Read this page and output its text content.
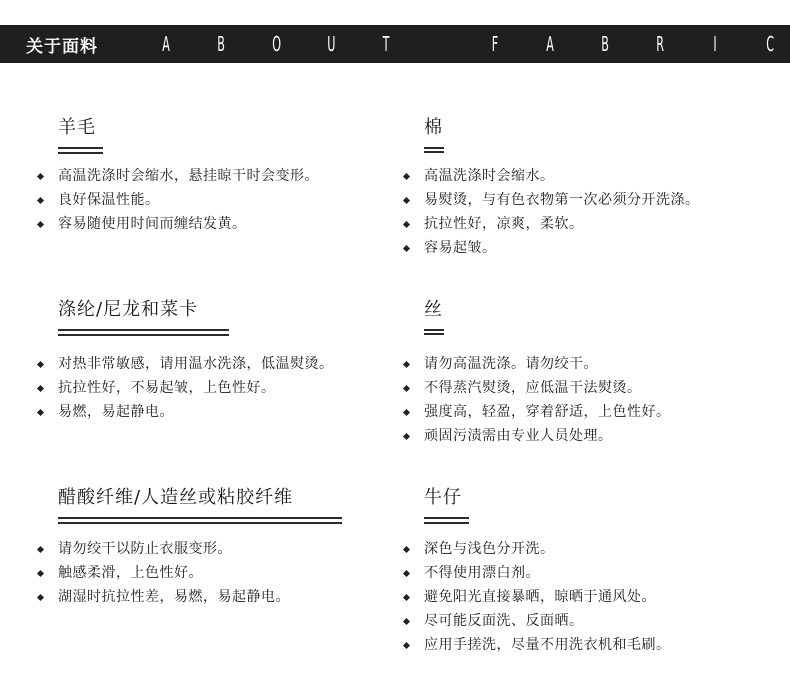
关于面料	A B O U T	F A B R I C
羊毛
高温洗涤时会缩水，悬挂晾干时会变形。
良好保温性能。
容易随使用时间而缠结发黄。
棉
高温洗涤时会缩水。
易熨烫，与有色衣物第一次必须分开洗涤。
抗拉性好，凉爽，柔软。
容易起皱。
涤纶/尼龙和菜卡
对热非常敏感，请用温水洗涤，低温熨烫。
抗拉性好，不易起皱，上色性好。
易燃，易起静电。
丝
请勿高温洗涤。请勿绞干。
不得蒸汽熨烫，应低温干法熨烫。
强度高，轻盈，穿着舒适，上色性好。
顽固污渍需由专业人员处理。
醋酸纤维/人造丝或粘胶纤维
请勿绞干以防止衣服变形。
触感柔滑，上色性好。
湖湿时抗拉性差，易燃，易起静电。
牛仔
深色与浅色分开洗。
不得使用漂白剂。
避免阳光直接暴晒，晾晒于通风处。
尽可能反面洗、反面晒。
应用手搓洗，尽量不用洗衣机和毛刷。
